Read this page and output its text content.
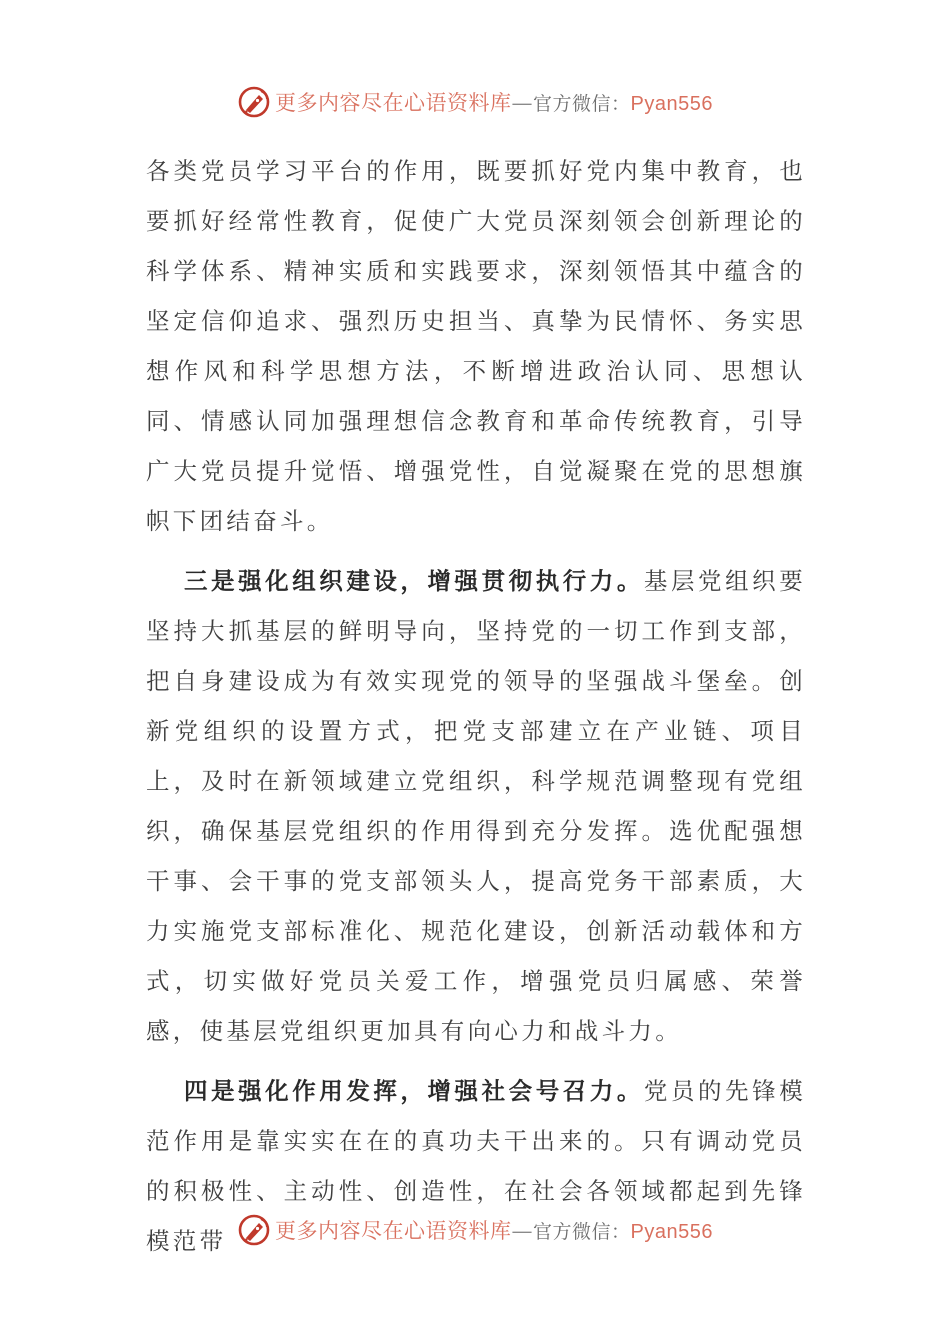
更多内容尽在心语资料库—官方微信：Pyan556

各类党员学习平台的作用，既要抓好党内集中教育，也要抓好经常性教育，促使广大党员深刻领会创新理论的科学体系、精神实质和实践要求，深刻领悟其中蕴含的坚定信仰追求、强烈历史担当、真挚为民情怀、务实思想作风和科学思想方法，不断增进政治认同、思想认同、情感认同加强理想信念教育和革命传统教育，引导广大党员提升觉悟、增强党性，自觉凝聚在党的思想旗帜下团结奋斗。

三是强化组织建设，增强贯彻执行力。基层党组织要坚持大抓基层的鲜明导向，坚持党的一切工作到支部，把自身建设成为有效实现党的领导的坚强战斗堡垒。创新党组织的设置方式，把党支部建立在产业链、项目上，及时在新领域建立党组织，科学规范调整现有党组织，确保基层党组织的作用得到充分发挥。选优配强想干事、会干事的党支部领头人，提高党务干部素质，大力实施党支部标准化、规范化建设，创新活动载体和方式，切实做好党员关爱工作，增强党员归属感、荣誉感，使基层党组织更加具有向心力和战斗力。

四是强化作用发挥，增强社会号召力。党员的先锋模范作用是靠实实在在的真功夫干出来的。只有调动党员的积极性、主动性、创造性，在社会各领域都起到先锋模范带	更多内容尽在心语资料库—官方微信：Pyan556
